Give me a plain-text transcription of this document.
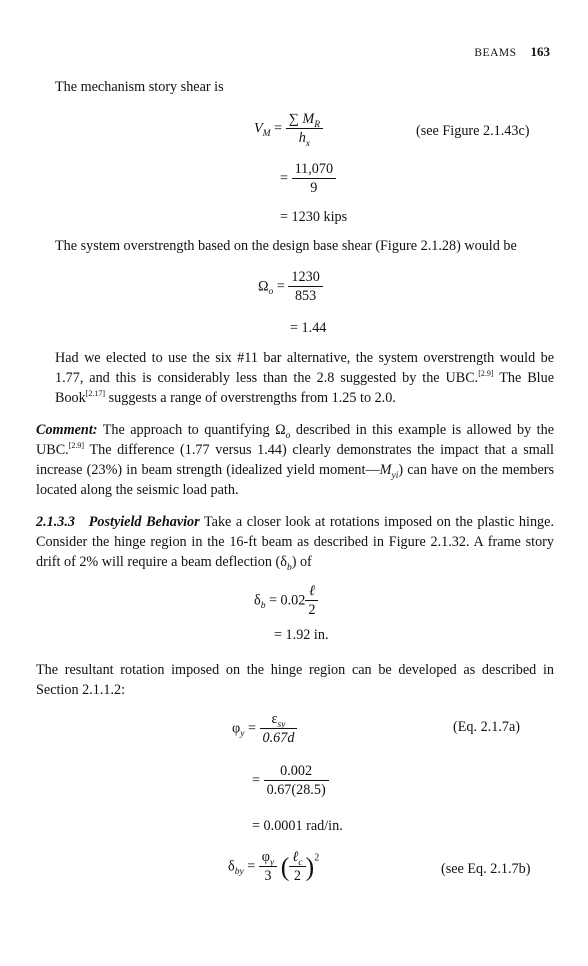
BEAMS 163

The mechanism story shear is

$V_M = \frac{\sum M_R}{h_x}$	(see Figure 2.1.43c)
= $\frac{11,070}{9}$
= 1230 kips

The system overstrength based on the design base shear (Figure 2.1.28) would be

$\Omega_o = \frac{1230}{853}$
= 1.44

Had we elected to use the six #11 bar alternative, the system overstrength would be 1.77, and this is considerably less than the 2.8 suggested by the UBC.[2.9] The Blue Book[2.17] suggests a range of overstrengths from 1.25 to 2.0.

Comment: The approach to quantifying $\Omega_o$ described in this example is allowed by the UBC.[2.9] The difference (1.77 versus 1.44) clearly demonstrates the impact that a small increase (23%) in beam strength (idealized yield $moment—M_{yi}$) can have on the members located along the seismic load path.

2.1.3.3 Postyield Behavior Take a closer look at rotations imposed on the plastic hinge. Consider the hinge region in the 16-ft beam as described in Figure 2.1.32. A frame story drift of 2% will require a beam deflection $(\delta_b)$ of

$\delta_b = 0.02 \frac{\text{ℓ}}{2}$
= 1.92 in.

The resultant rotation imposed on the hinge region can be developed as described in Section 2.1.1.2:

$\varphi_y = \frac{\varepsilon_{sy}}{0.67d}$	(Eq. 2.1.7a)
= $\frac{0.002}{0.67(28.5)}$
= 0.0001 rad/in.
$\delta_{by} = \frac{\varphi_y}{3}$ ( $\frac{\ell_c}{2} )^2$
(see Eq. 2.1.7b)
